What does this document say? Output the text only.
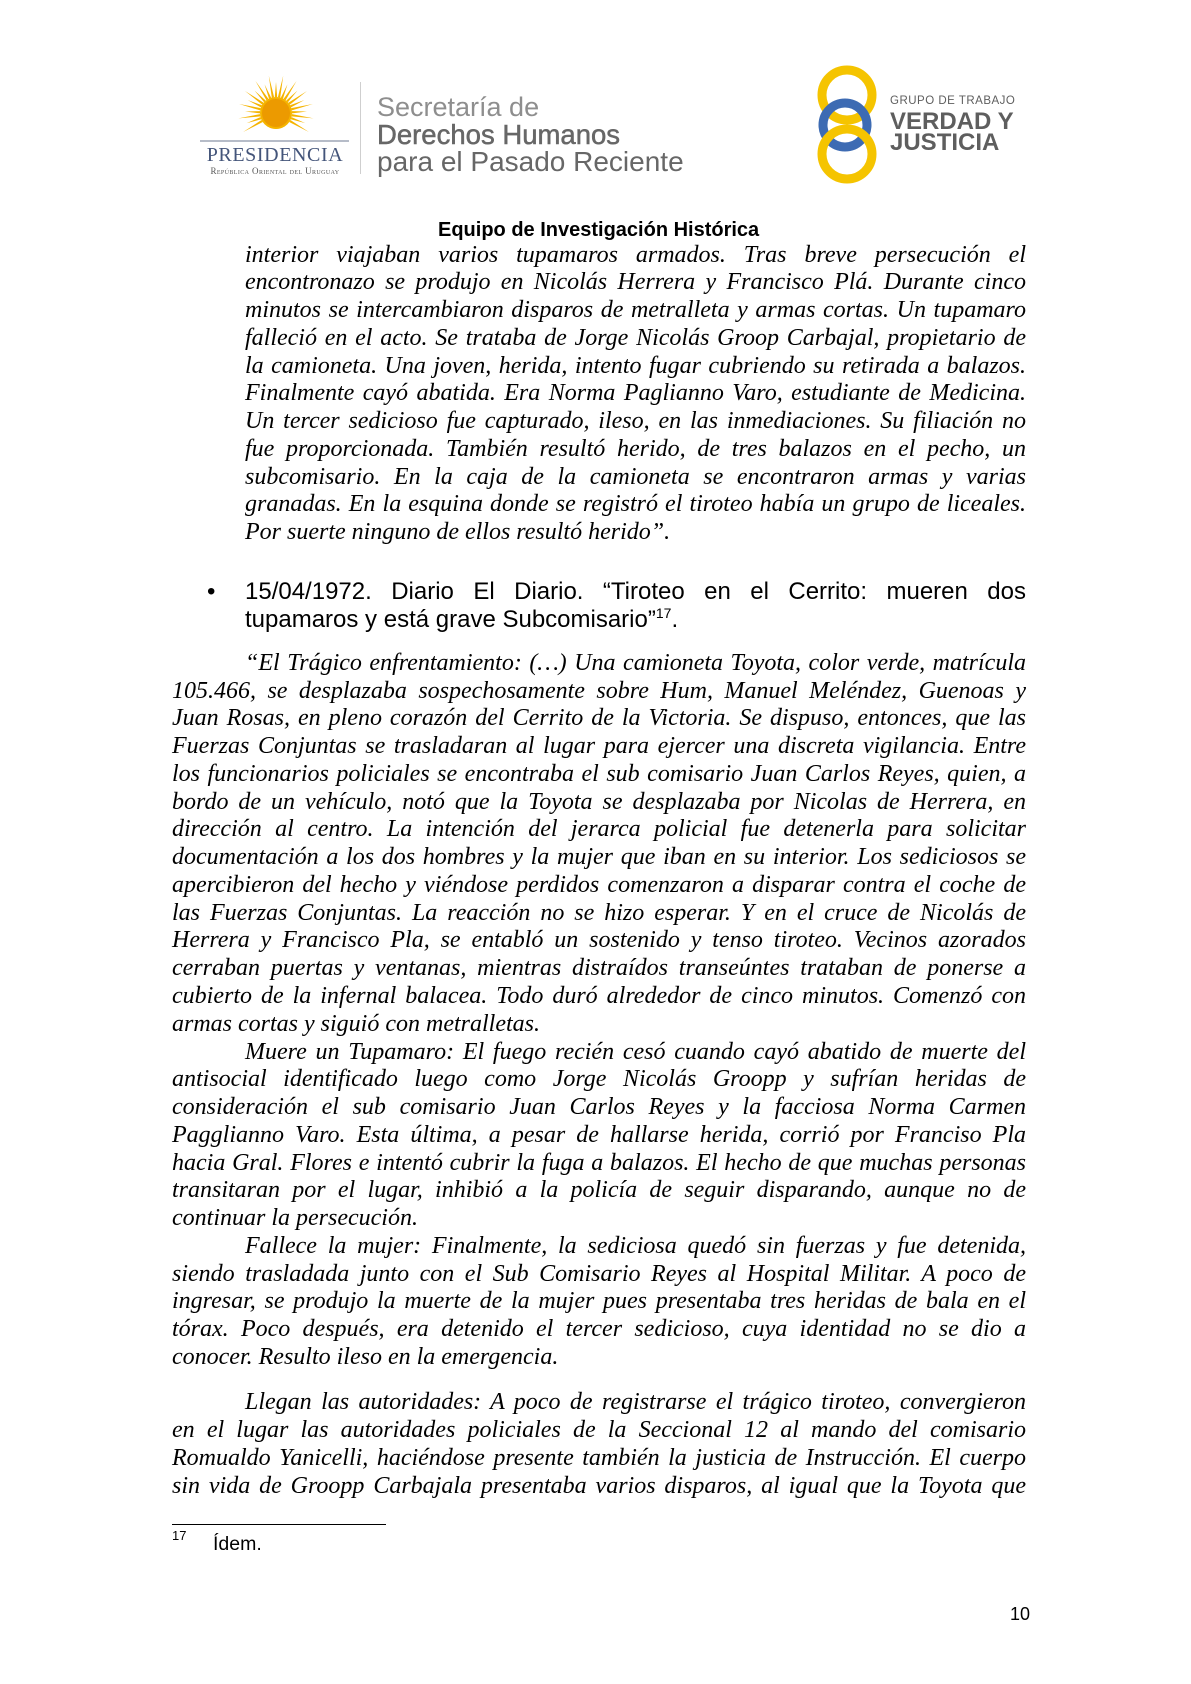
PRESIDENCIA
República Oriental del Uruguay
Secretaría de
Derechos Humanos
para el Pasado Reciente
GRUPO DE TRABAJO
VERDAD Y
JUSTICIA
Equipo de Investigación Histórica
interior viajaban varios tupamaros armados. Tras breve persecución el
encontronazo se produjo en Nicolás Herrera y Francisco Plá. Durante cinco
minutos se intercambiaron disparos de metralleta y armas cortas. Un tupamaro
falleció en el acto. Se trataba de Jorge Nicolás Groop Carbajal, propietario de
la camioneta. Una joven, herida, intento fugar cubriendo su retirada a balazos.
Finalmente cayó abatida. Era Norma Paglianno Varo, estudiante de Medicina.
Un tercer sedicioso fue capturado, ileso, en las inmediaciones. Su filiación no
fue proporcionada. También resultó herido, de tres balazos en el pecho, un
subcomisario. En la caja de la camioneta se encontraron armas y varias
granadas. En la esquina donde se registró el tiroteo había un grupo de liceales.
Por suerte ninguno de ellos resultó herido”.
• 15/04/1972. Diario El Diario. “Tiroteo en el Cerrito: mueren dos
tupamaros y está grave Subcomisario”$^{17}$.
“El Trágico enfrentamiento: (…) Una camioneta Toyota, color verde, matrícula
105.466, se desplazaba sospechosamente sobre Hum, Manuel Meléndez, Guenoas y
Juan Rosas, en pleno corazón del Cerrito de la Victoria. Se dispuso, entonces, que las
Fuerzas Conjuntas se trasladaran al lugar para ejercer una discreta vigilancia. Entre
los funcionarios policiales se encontraba el sub comisario Juan Carlos Reyes, quien, a
bordo de un vehículo, notó que la Toyota se desplazaba por Nicolas de Herrera, en
dirección al centro. La intención del jerarca policial fue detenerla para solicitar
documentación a los dos hombres y la mujer que iban en su interior. Los sediciosos se
apercibieron del hecho y viéndose perdidos comenzaron a disparar contra el coche de
las Fuerzas Conjuntas. La reacción no se hizo esperar. Y en el cruce de Nicolás de
Herrera y Francisco Pla, se entabló un sostenido y tenso tiroteo. Vecinos azorados
cerraban puertas y ventanas, mientras distraídos transeúntes trataban de ponerse a
cubierto de la infernal balacea. Todo duró alrededor de cinco minutos. Comenzó con
armas cortas y siguió con metralletas.
Muere un Tupamaro: El fuego recién cesó cuando cayó abatido de muerte del
antisocial identificado luego como Jorge Nicolás Groopp y sufrían heridas de
consideración el sub comisario Juan Carlos Reyes y la facciosa Norma Carmen
Pagglianno Varo. Esta última, a pesar de hallarse herida, corrió por Franciso Pla
hacia Gral. Flores e intentó cubrir la fuga a balazos. El hecho de que muchas personas
transitaran por el lugar, inhibió a la policía de seguir disparando, aunque no de
continuar la persecución.
Fallece la mujer: Finalmente, la sediciosa quedó sin fuerzas y fue detenida,
siendo trasladada junto con el Sub Comisario Reyes al Hospital Militar. A poco de
ingresar, se produjo la muerte de la mujer pues presentaba tres heridas de bala en el
tórax. Poco después, era detenido el tercer sedicioso, cuya identidad no se dio a
conocer. Resulto ileso en la emergencia.
Llegan las autoridades: A poco de registrarse el trágico tiroteo, convergieron
en el lugar las autoridades policiales de la Seccional 12 al mando del comisario
Romualdo Yanicelli, haciéndose presente también la justicia de Instrucción. El cuerpo
sin vida de Groopp Carbajala presentaba varios disparos, al igual que la Toyota que
17 Ídem.
10
